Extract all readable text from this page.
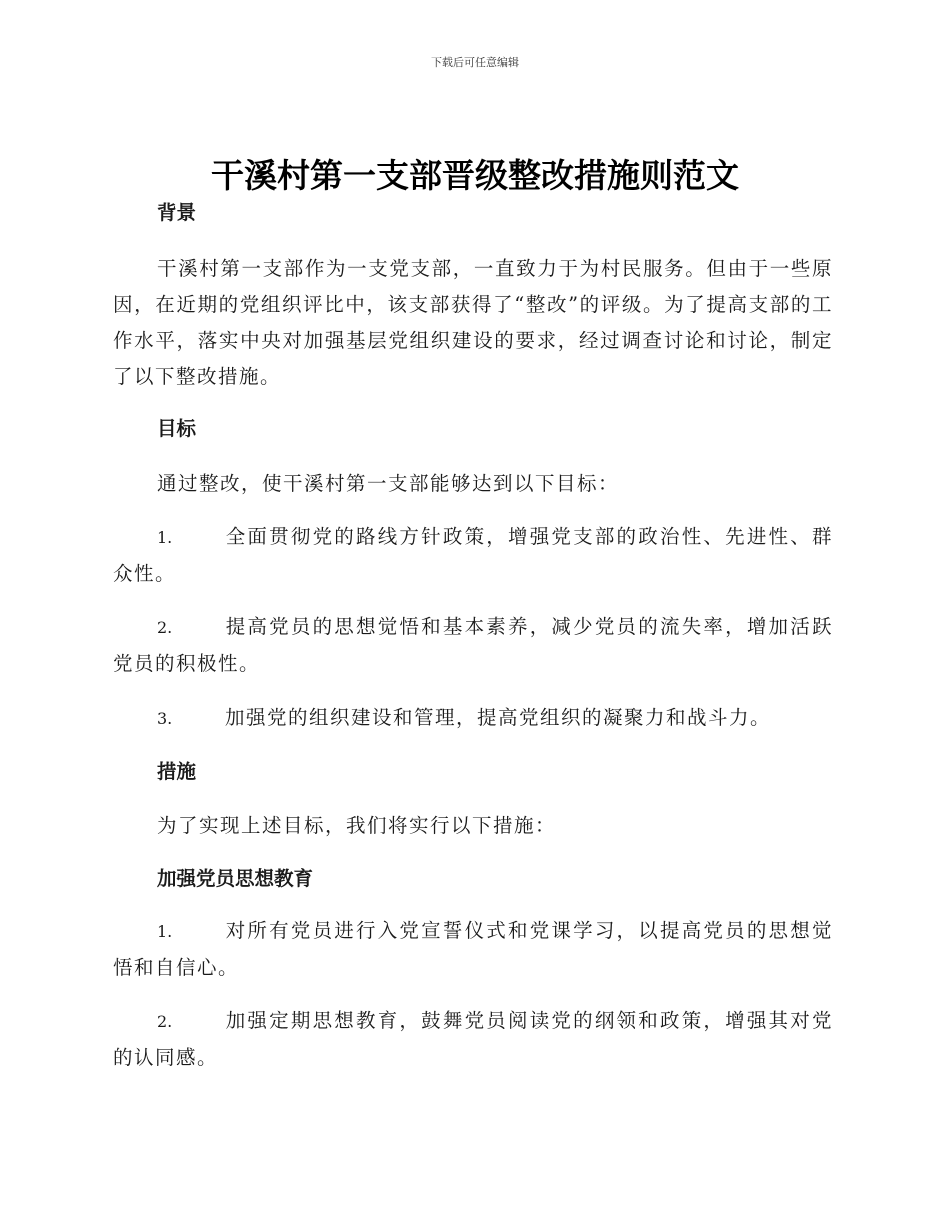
下载后可任意编辑
干溪村第一支部晋级整改措施则范文
背景
干溪村第一支部作为一支党支部，一直致力于为村民服务。但由于一些原因，在近期的党组织评比中，该支部获得了“整改”的评级。为了提高支部的工作水平，落实中央对加强基层党组织建设的要求，经过调查讨论和讨论，制定了以下整改措施。
目标
通过整改，使干溪村第一支部能够达到以下目标：
1.	全面贯彻党的路线方针政策，增强党支部的政治性、先进性、群众性。
2.	提高党员的思想觉悟和基本素养，减少党员的流失率，增加活跃党员的积极性。
3.	加强党的组织建设和管理，提高党组织的凝聚力和战斗力。
措施
为了实现上述目标，我们将实行以下措施：
加强党员思想教育
1.	对所有党员进行入党宣誓仪式和党课学习，以提高党员的思想觉悟和自信心。
2.	加强定期思想教育，鼓舞党员阅读党的纲领和政策，增强其对党的认同感。
